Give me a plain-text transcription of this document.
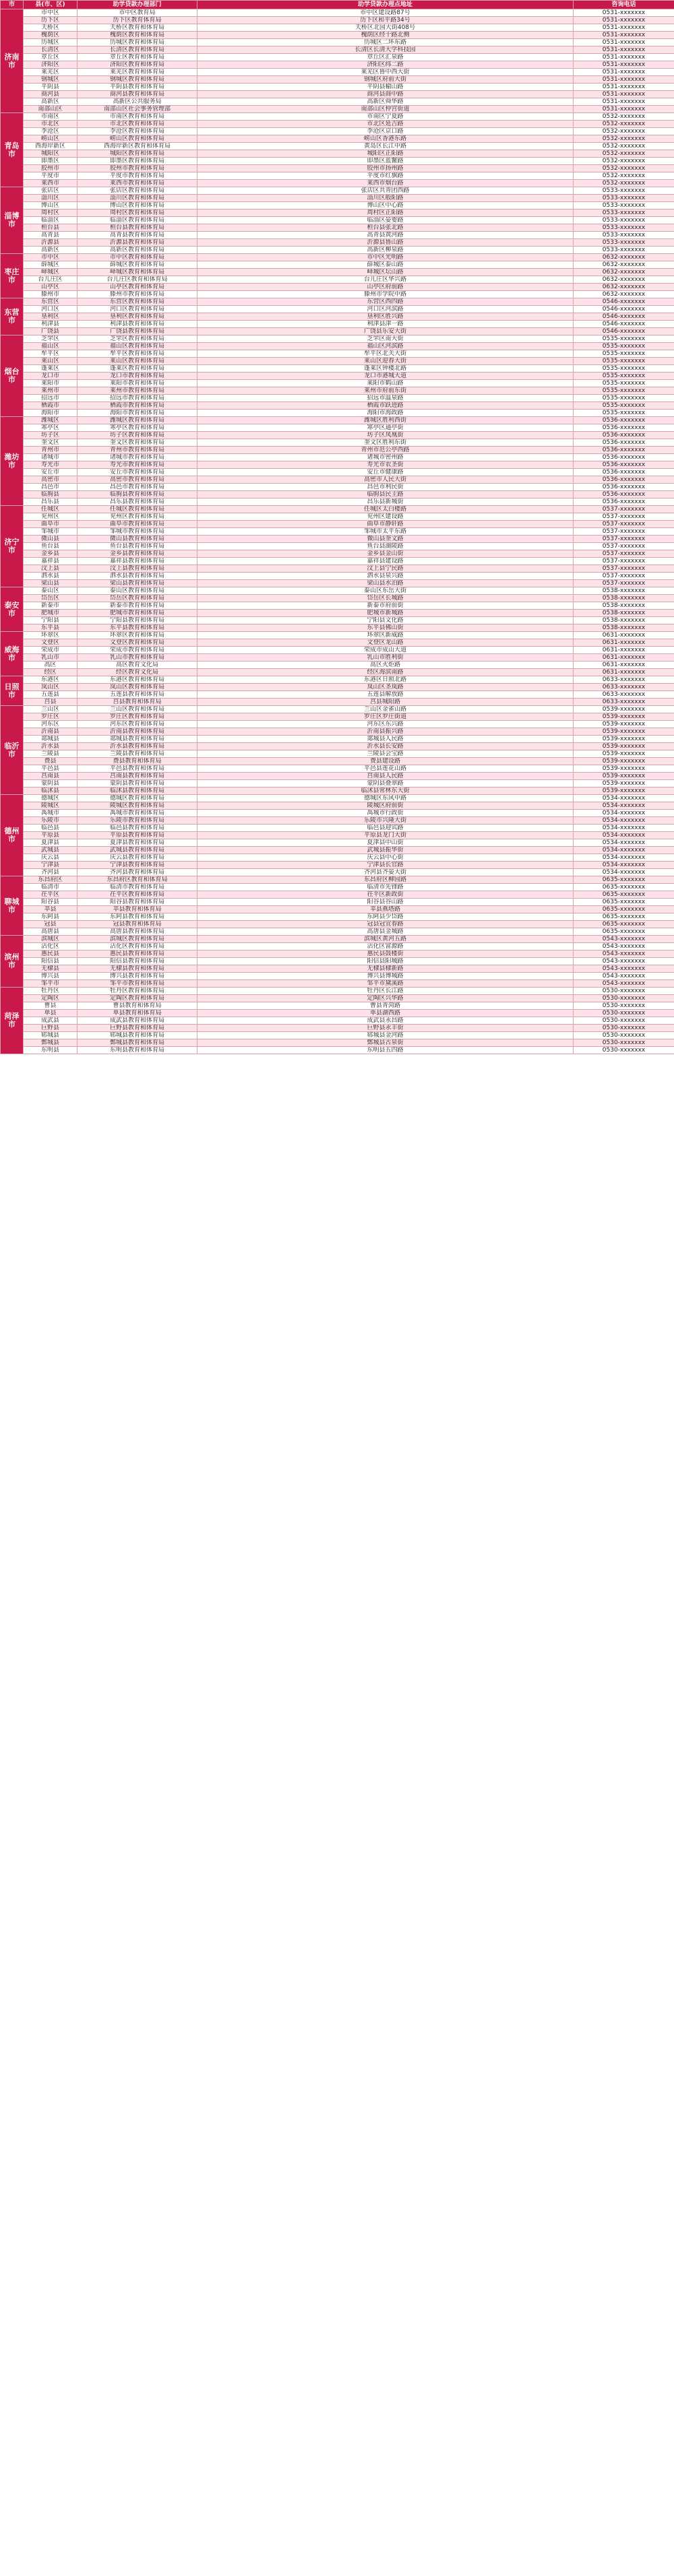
市	县(市、区)	助学贷款办理部门	助学贷款办理点地址	咨询电话
济南市	市中区	市中区教育局	市中区建设路87号	0531-xxxxxxx
	历下区	历下区教育体育局	历下区和平路34号	0531-xxxxxxx
	天桥区	天桥区教育和体育局	天桥区北园大街408号	0531-xxxxxxx
	槐荫区	槐荫区教育和体育局	槐荫区经十路北侧	0531-xxxxxxx
	历城区	历城区教育和体育局	历城区二环东路	0531-xxxxxxx
	长清区	长清区教育和体育局	长清区长清大学科技园	0531-xxxxxxx
	章丘区	章丘区教育和体育局	章丘区汇泉路	0531-xxxxxxx
	济阳区	济阳区教育和体育局	济阳区纬二路	0531-xxxxxxx
	莱芜区	莱芜区教育和体育局	莱芜区鲁中西大街	0531-xxxxxxx
	钢城区	钢城区教育和体育局	钢城区府前大街	0531-xxxxxxx
	平阴县	平阴县教育和体育局	平阴县榆山路	0531-xxxxxxx
	商河县	商河县教育和体育局	商河县商中路	0531-xxxxxxx
	高新区	高新区公共服务局	高新区舜华路	0531-xxxxxxx
	南部山区	南部山区社会事务管理部	南部山区仲宫街道	0531-xxxxxxx
青岛市	市南区	市南区教育和体育局	市南区宁夏路	0532-xxxxxxx
	市北区	市北区教育和体育局	市北区延吉路	0532-xxxxxxx
	李沧区	李沧区教育和体育局	李沧区京口路	0532-xxxxxxx
	崂山区	崂山区教育和体育局	崂山区香港东路	0532-xxxxxxx
	西海岸新区	西海岸新区教育和体育局	黄岛区长江中路	0532-xxxxxxx
	城阳区	城阳区教育和体育局	城阳区正阳路	0532-xxxxxxx
	即墨区	即墨区教育和体育局	即墨区蓝鳌路	0532-xxxxxxx
	胶州市	胶州市教育和体育局	胶州市扬州路	0532-xxxxxxx
	平度市	平度市教育和体育局	平度市红旗路	0532-xxxxxxx
	莱西市	莱西市教育和体育局	莱西市烟台路	0532-xxxxxxx
淄博市	张店区	张店区教育和体育局	张店区共青团西路	0533-xxxxxxx
	淄川区	淄川区教育和体育局	淄川区般阳路	0533-xxxxxxx
	博山区	博山区教育和体育局	博山区中心路	0533-xxxxxxx
	周村区	周村区教育和体育局	周村区正阳路	0533-xxxxxxx
	临淄区	临淄区教育和体育局	临淄区晏婴路	0533-xxxxxxx
	桓台县	桓台县教育和体育局	桓台县张北路	0533-xxxxxxx
	高青县	高青县教育和体育局	高青县黄河路	0533-xxxxxxx
	沂源县	沂源县教育和体育局	沂源县鲁山路	0533-xxxxxxx
	高新区	高新区教育和体育局	高新区柳泉路	0533-xxxxxxx
枣庄市	市中区	市中区教育和体育局	市中区光明路	0632-xxxxxxx
	薛城区	薛城区教育和体育局	薛城区泰山路	0632-xxxxxxx
	峄城区	峄城区教育和体育局	峄城区坛山路	0632-xxxxxxx
	台儿庄区	台儿庄区教育和体育局	台儿庄区华兴路	0632-xxxxxxx
	山亭区	山亭区教育和体育局	山亭区府前路	0632-xxxxxxx
	滕州市	滕州市教育和体育局	滕州市学院中路	0632-xxxxxxx
东营市	东营区	东营区教育和体育局	东营区西四路	0546-xxxxxxx
	河口区	河口区教育和体育局	河口区河滨路	0546-xxxxxxx
	垦利区	垦利区教育和体育局	垦利区胜兴路	0546-xxxxxxx
	利津县	利津县教育和体育局	利津县津一路	0546-xxxxxxx
	广饶县	广饶县教育和体育局	广饶县乐安大街	0546-xxxxxxx
烟台市	芝罘区	芝罘区教育和体育局	芝罘区南大街	0535-xxxxxxx
	福山区	福山区教育和体育局	福山区河滨路	0535-xxxxxxx
	牟平区	牟平区教育和体育局	牟平区北关大街	0535-xxxxxxx
	莱山区	莱山区教育和体育局	莱山区迎春大街	0535-xxxxxxx
	蓬莱区	蓬莱区教育和体育局	蓬莱区钟楼北路	0535-xxxxxxx
	龙口市	龙口市教育和体育局	龙口市港城大道	0535-xxxxxxx
	莱阳市	莱阳市教育和体育局	莱阳市鹤山路	0535-xxxxxxx
	莱州市	莱州市教育和体育局	莱州市府前东街	0535-xxxxxxx
	招远市	招远市教育和体育局	招远市温泉路	0535-xxxxxxx
	栖霞市	栖霞市教育和体育局	栖霞市跃进路	0535-xxxxxxx
	海阳市	海阳市教育和体育局	海阳市海政路	0535-xxxxxxx
潍坊市	潍城区	潍城区教育和体育局	潍城区胜利西街	0536-xxxxxxx
	寒亭区	寒亭区教育和体育局	寒亭区通亭街	0536-xxxxxxx
	坊子区	坊子区教育和体育局	坊子区凤凰街	0536-xxxxxxx
	奎文区	奎文区教育和体育局	奎文区胜利东街	0536-xxxxxxx
	青州市	青州市教育和体育局	青州市范公亭西路	0536-xxxxxxx
	诸城市	诸城市教育和体育局	诸城市密州路	0536-xxxxxxx
	寿光市	寿光市教育和体育局	寿光市农圣街	0536-xxxxxxx
	安丘市	安丘市教育和体育局	安丘市健康路	0536-xxxxxxx
	高密市	高密市教育和体育局	高密市人民大街	0536-xxxxxxx
	昌邑市	昌邑市教育和体育局	昌邑市利民街	0536-xxxxxxx
	临朐县	临朐县教育和体育局	临朐县民主路	0536-xxxxxxx
	昌乐县	昌乐县教育和体育局	昌乐县新城街	0536-xxxxxxx
济宁市	任城区	任城区教育和体育局	任城区太白楼路	0537-xxxxxxx
	兖州区	兖州区教育和体育局	兖州区建设路	0537-xxxxxxx
	曲阜市	曲阜市教育和体育局	曲阜市静轩路	0537-xxxxxxx
	邹城市	邹城市教育和体育局	邹城市太平东路	0537-xxxxxxx
	微山县	微山县教育和体育局	微山县奎文路	0537-xxxxxxx
	鱼台县	鱼台县教育和体育局	鱼台县湖陵路	0537-xxxxxxx
	金乡县	金乡县教育和体育局	金乡县金山街	0537-xxxxxxx
	嘉祥县	嘉祥县教育和体育局	嘉祥县建设路	0537-xxxxxxx
	汶上县	汶上县教育和体育局	汶上县宁民路	0537-xxxxxxx
	泗水县	泗水县教育和体育局	泗水县泉兴路	0537-xxxxxxx
	梁山县	梁山县教育和体育局	梁山县水泊路	0537-xxxxxxx
泰安市	泰山区	泰山区教育和体育局	泰山区东岳大街	0538-xxxxxxx
	岱岳区	岱岳区教育和体育局	岱岳区长城路	0538-xxxxxxx
	新泰市	新泰市教育和体育局	新泰市府前街	0538-xxxxxxx
	肥城市	肥城市教育和体育局	肥城市新城路	0538-xxxxxxx
	宁阳县	宁阳县教育和体育局	宁阳县文化路	0538-xxxxxxx
	东平县	东平县教育和体育局	东平县佛山街	0538-xxxxxxx
威海市	环翠区	环翠区教育和体育局	环翠区新威路	0631-xxxxxxx
	文登区	文登区教育和体育局	文登区龙山路	0631-xxxxxxx
	荣成市	荣成市教育和体育局	荣成市成山大道	0631-xxxxxxx
	乳山市	乳山市教育和体育局	乳山市胜利街	0631-xxxxxxx
	高区	高区教育文化局	高区火炬路	0631-xxxxxxx
	经区	经区教育文化局	经区海滨南路	0631-xxxxxxx
日照市	东港区	东港区教育和体育局	东港区日照北路	0633-xxxxxxx
	岚山区	岚山区教育和体育局	岚山区圣岚路	0633-xxxxxxx
	五莲县	五莲县教育和体育局	五莲县解放路	0633-xxxxxxx
	莒县	莒县教育和体育局	莒县城阳路	0633-xxxxxxx
临沂市	兰山区	兰山区教育和体育局	兰山区金雀山路	0539-xxxxxxx
	罗庄区	罗庄区教育和体育局	罗庄区罗庄街道	0539-xxxxxxx
	河东区	河东区教育和体育局	河东区东兴路	0539-xxxxxxx
	沂南县	沂南县教育和体育局	沂南县振兴路	0539-xxxxxxx
	郯城县	郯城县教育和体育局	郯城县人民路	0539-xxxxxxx
	沂水县	沂水县教育和体育局	沂水县长安路	0539-xxxxxxx
	兰陵县	兰陵县教育和体育局	兰陵县会宝路	0539-xxxxxxx
	费县	费县教育和体育局	费县建设路	0539-xxxxxxx
	平邑县	平邑县教育和体育局	平邑县莲花山路	0539-xxxxxxx
	莒南县	莒南县教育和体育局	莒南县人民路	0539-xxxxxxx
	蒙阴县	蒙阴县教育和体育局	蒙阴县叠翠路	0539-xxxxxxx
	临沭县	临沭县教育和体育局	临沭县常林东大街	0539-xxxxxxx
德州市	德城区	德城区教育和体育局	德城区东风中路	0534-xxxxxxx
	陵城区	陵城区教育和体育局	陵城区府前街	0534-xxxxxxx
	禹城市	禹城市教育和体育局	禹城市行政街	0534-xxxxxxx
	乐陵市	乐陵市教育和体育局	乐陵市兴隆大街	0534-xxxxxxx
	临邑县	临邑县教育和体育局	临邑县迎宾路	0534-xxxxxxx
	平原县	平原县教育和体育局	平原县龙门大街	0534-xxxxxxx
	夏津县	夏津县教育和体育局	夏津县中山街	0534-xxxxxxx
	武城县	武城县教育和体育局	武城县振华街	0534-xxxxxxx
	庆云县	庆云县教育和体育局	庆云县中心街	0534-xxxxxxx
	宁津县	宁津县教育和体育局	宁津县长官路	0534-xxxxxxx
	齐河县	齐河县教育和体育局	齐河县齐晏大街	0534-xxxxxxx
聊城市	东昌府区	东昌府区教育和体育局	东昌府区柳园路	0635-xxxxxxx
	临清市	临清市教育和体育局	临清市先锋路	0635-xxxxxxx
	茌平区	茌平区教育和体育局	茌平区新政街	0635-xxxxxxx
	阳谷县	阳谷县教育和体育局	阳谷县谷山路	0635-xxxxxxx
	莘县	莘县教育和体育局	莘县燕塔路	0635-xxxxxxx
	东阿县	东阿县教育和体育局	东阿县少岱路	0635-xxxxxxx
	冠县	冠县教育和体育局	冠县冠宜春路	0635-xxxxxxx
	高唐县	高唐县教育和体育局	高唐县金城路	0635-xxxxxxx
滨州市	滨城区	滨城区教育和体育局	滨城区黄河五路	0543-xxxxxxx
	沾化区	沾化区教育和体育局	沾化区富源路	0543-xxxxxxx
	惠民县	惠民县教育和体育局	惠民县鼓楼街	0543-xxxxxxx
	阳信县	阳信县教育和体育局	阳信县阳城路	0543-xxxxxxx
	无棣县	无棣县教育和体育局	无棣县棣新路	0543-xxxxxxx
	博兴县	博兴县教育和体育局	博兴县博城路	0543-xxxxxxx
	邹平市	邹平市教育和体育局	邹平市黛溪路	0543-xxxxxxx
菏泽市	牡丹区	牡丹区教育和体育局	牡丹区长江路	0530-xxxxxxx
	定陶区	定陶区教育和体育局	定陶区兴华路	0530-xxxxxxx
	曹县	曹县教育和体育局	曹县青菏路	0530-xxxxxxx
	单县	单县教育和体育局	单县湖西路	0530-xxxxxxx
	成武县	成武县教育和体育局	成武县永昌路	0530-xxxxxxx
	巨野县	巨野县教育和体育局	巨野县永丰街	0530-xxxxxxx
	郓城县	郓城县教育和体育局	郓城县金河路	0530-xxxxxxx
	鄄城县	鄄城县教育和体育局	鄄城县古泉街	0530-xxxxxxx
	东明县	东明县教育和体育局	东明县五四路	0530-xxxxxxx
